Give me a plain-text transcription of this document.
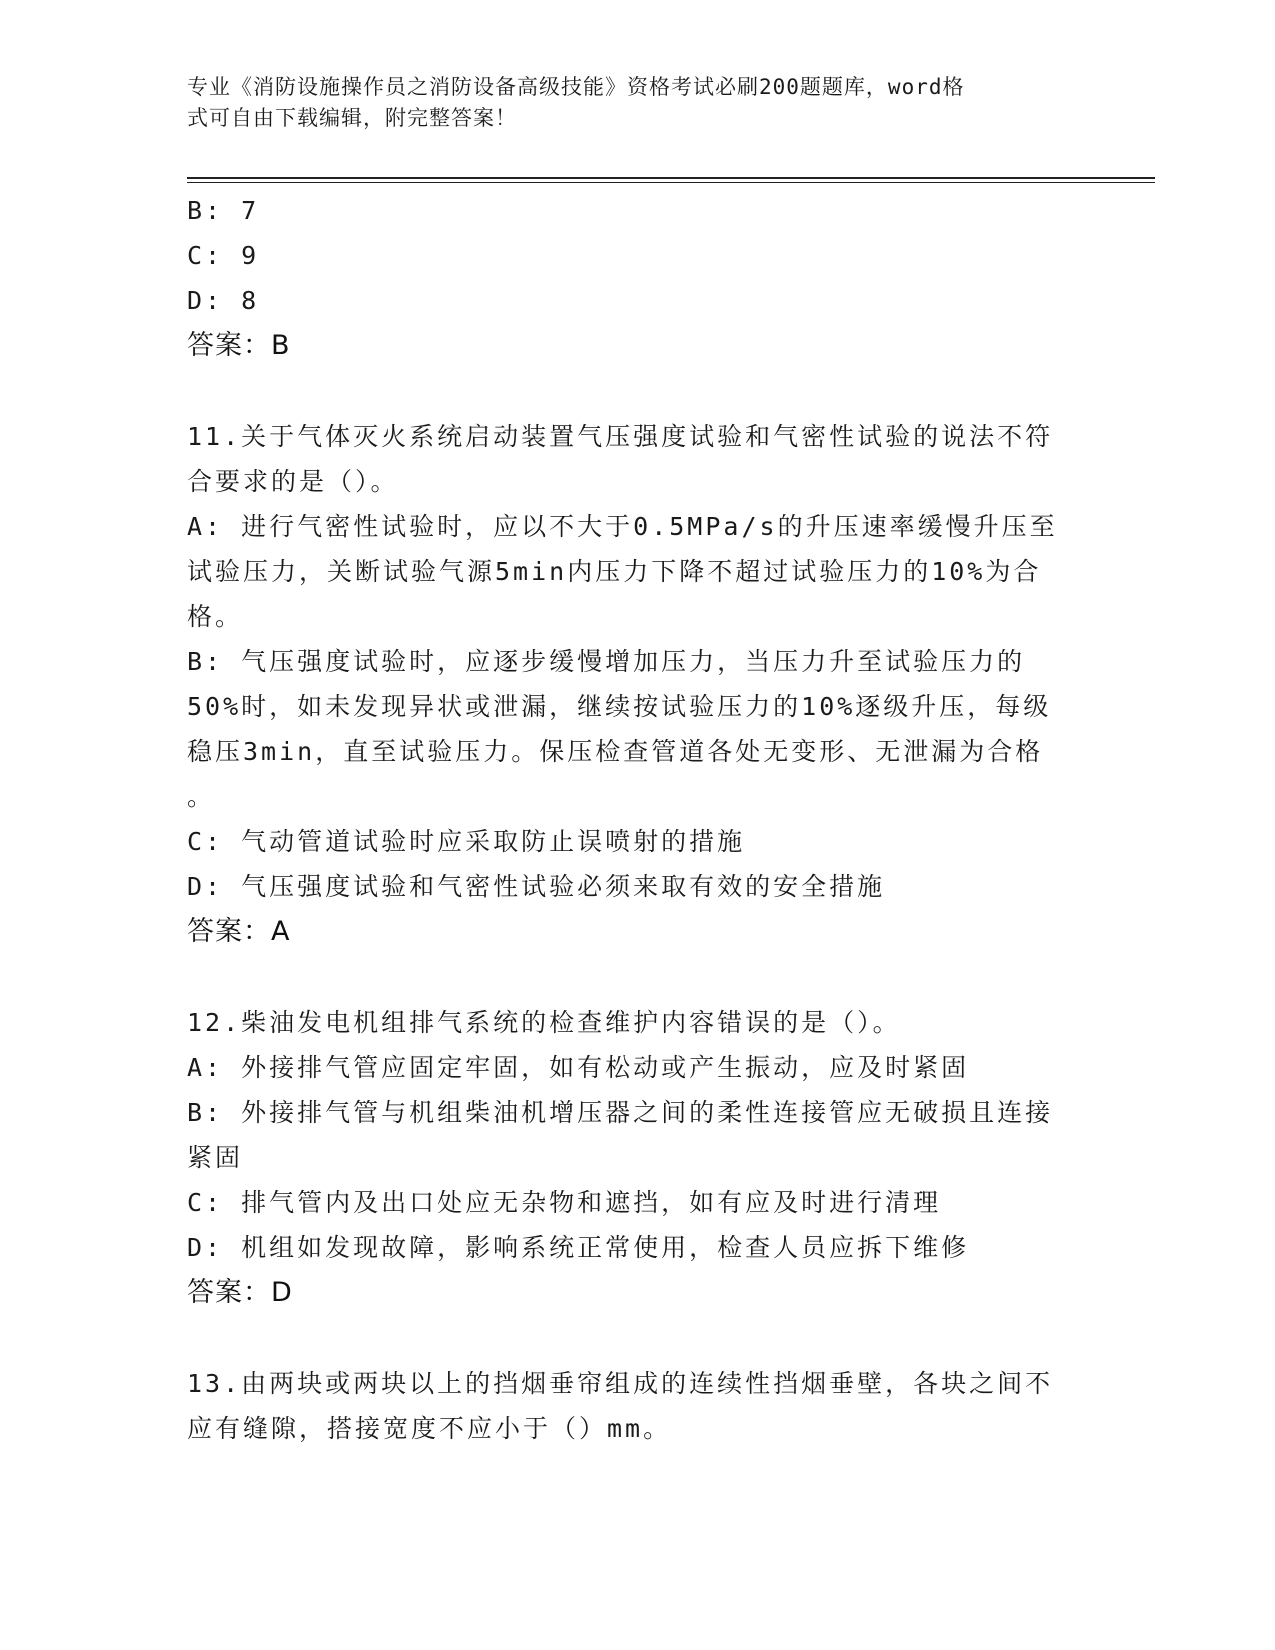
专业《消防设施操作员之消防设备高级技能》资格考试必刷200题题库，word格
式可自由下载编辑，附完整答案！
B: 7
C: 9
D: 8
答案：B
11.关于气体灭火系统启动装置气压强度试验和气密性试验的说法不符
合要求的是（）。
A: 进行气密性试验时，应以不大于0.5MPa/s的升压速率缓慢升压至
试验压力，关断试验气源5min内压力下降不超过试验压力的10%为合
格。
B: 气压强度试验时，应逐步缓慢增加压力，当压力升至试验压力的
50%时，如未发现异状或泄漏，继续按试验压力的10%逐级升压，每级
稳压3min，直至试验压力。保压检查管道各处无变形、无泄漏为合格
。
C: 气动管道试验时应采取防止误喷射的措施
D: 气压强度试验和气密性试验必须来取有效的安全措施
答案：A
12.柴油发电机组排气系统的检查维护内容错误的是（）。
A: 外接排气管应固定牢固，如有松动或产生振动，应及时紧固
B: 外接排气管与机组柴油机增压器之间的柔性连接管应无破损且连接
紧固
C: 排气管内及出口处应无杂物和遮挡，如有应及时进行清理
D: 机组如发现故障，影响系统正常使用，检查人员应拆下维修
答案：D
13.由两块或两块以上的挡烟垂帘组成的连续性挡烟垂壁，各块之间不
应有缝隙，搭接宽度不应小于（）mm。
